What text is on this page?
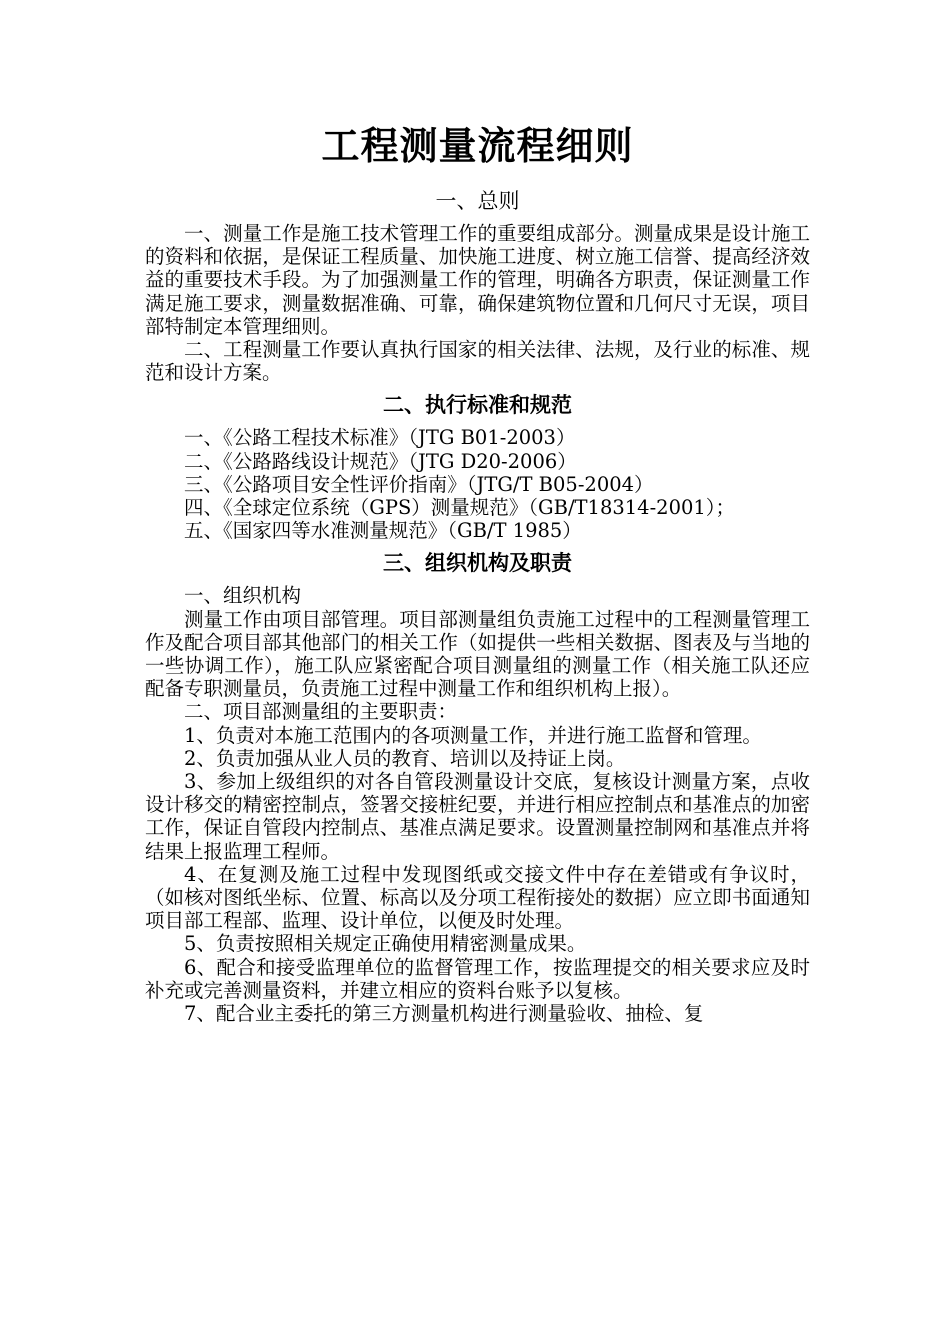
工程测量流程细则
一、总则

一、测量工作是施工技术管理工作的重要组成部分。测量成果是设计施工的资料和依据，是保证工程质量、加快施工进度、树立施工信誉、提高经济效益的重要技术手段。为了加强测量工作的管理，明确各方职责，保证测量工作满足施工要求，测量数据准确、可靠，确保建筑物位置和几何尺寸无误，项目部特制定本管理细则。

二、工程测量工作要认真执行国家的相关法律、法规，及行业的标准、规范和设计方案。

二、执行标准和规范

一、《公路工程技术标准》（JTG B01-2003）

二、《公路路线设计规范》（JTG D20-2006）

三、《公路项目安全性评价指南》（JTG/T B05-2004）

四、《全球定位系统（GPS）测量规范》（GB/T18314-2001）；

五、《国家四等水准测量规范》（GB/T 1985）

三、组织机构及职责

一、组织机构

测量工作由项目部管理。项目部测量组负责施工过程中的工程测量管理工作及配合项目部其他部门的相关工作（如提供一些相关数据、图表及与当地的一些协调工作），施工队应紧密配合项目测量组的测量工作（相关施工队还应配备专职测量员，负责施工过程中测量工作和组织机构上报）。

二、项目部测量组的主要职责：

1、负责对本施工范围内的各项测量工作，并进行施工监督和管理。

2、负责加强从业人员的教育、培训以及持证上岗。

3、参加上级组织的对各自管段测量设计交底，复核设计测量方案，点收设计移交的精密控制点，签署交接桩纪要，并进行相应控制点和基准点的加密工作，保证自管段内控制点、基准点满足要求。设置测量控制网和基准点并将结果上报监理工程师。

4、在复测及施工过程中发现图纸或交接文件中存在差错或有争议时，（如核对图纸坐标、位置、标高以及分项工程衔接处的数据）应立即书面通知项目部工程部、监理、设计单位，以便及时处理。

5、负责按照相关规定正确使用精密测量成果。

6、配合和接受监理单位的监督管理工作，按监理提交的相关要求应及时补充或完善测量资料，并建立相应的资料台账予以复核。

7、配合业主委托的第三方测量机构进行测量验收、抽检、复
